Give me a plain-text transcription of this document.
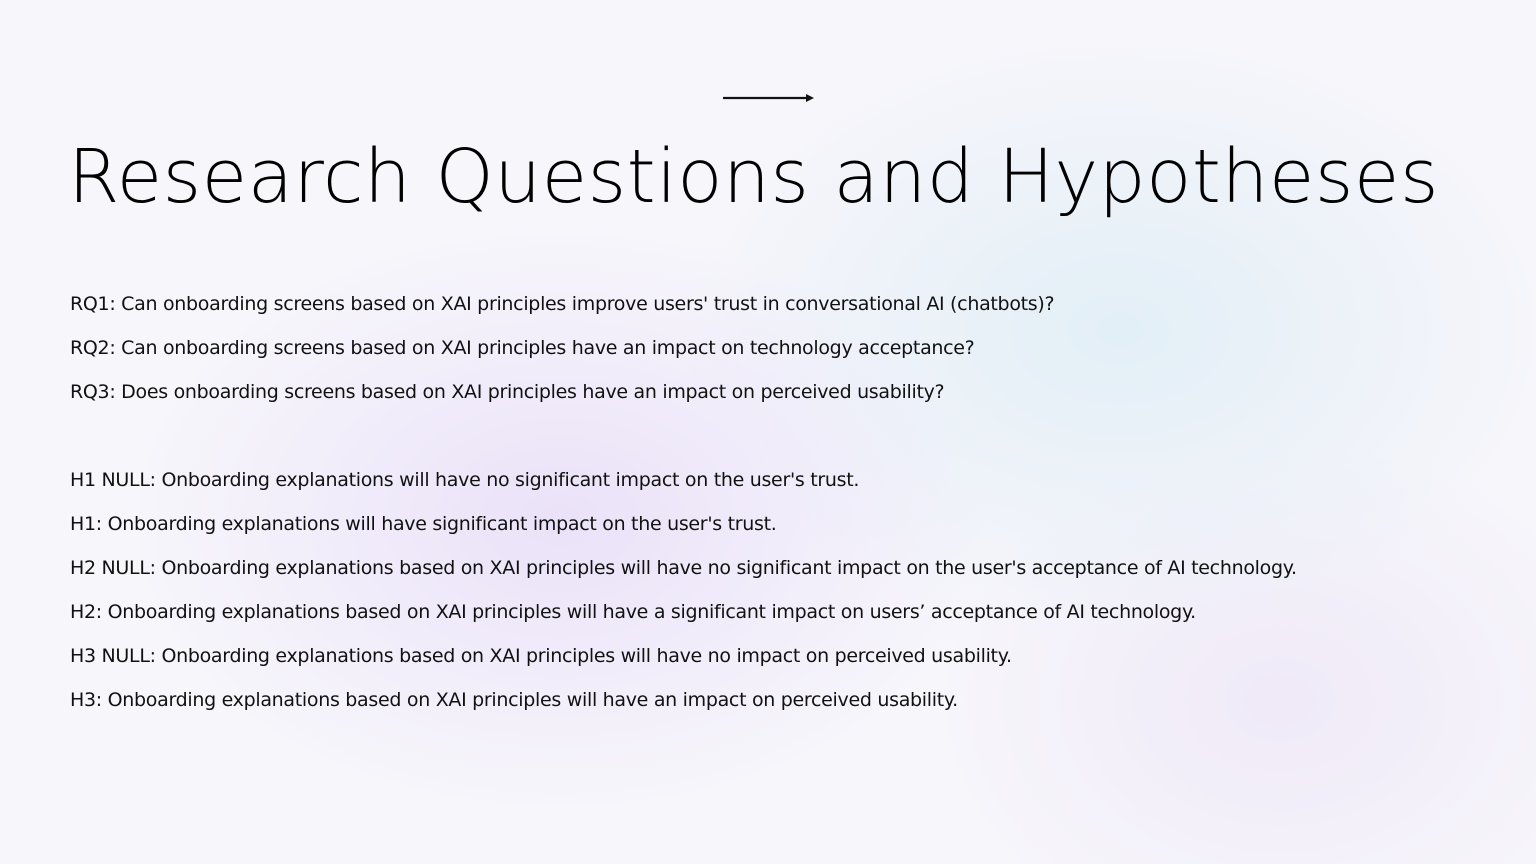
Research Questions and Hypotheses
RQ1: Can onboarding screens based on XAI principles improve users' trust in conversational AI (chatbots)?
RQ2: Can onboarding screens based on XAI principles have an impact on technology acceptance?
RQ3: Does onboarding screens based on XAI principles have an impact on perceived usability?
H1 NULL: Onboarding explanations will have no significant impact on the user's trust.
H1: Onboarding explanations will have significant impact on the user's trust.
H2 NULL: Onboarding explanations based on XAI principles will have no significant impact on the user's acceptance of AI technology.
H2: Onboarding explanations based on XAI principles will have a significant impact on users’ acceptance of AI technology.
H3 NULL: Onboarding explanations based on XAI principles will have no impact on perceived usability.
H3: Onboarding explanations based on XAI principles will have an impact on perceived usability.
